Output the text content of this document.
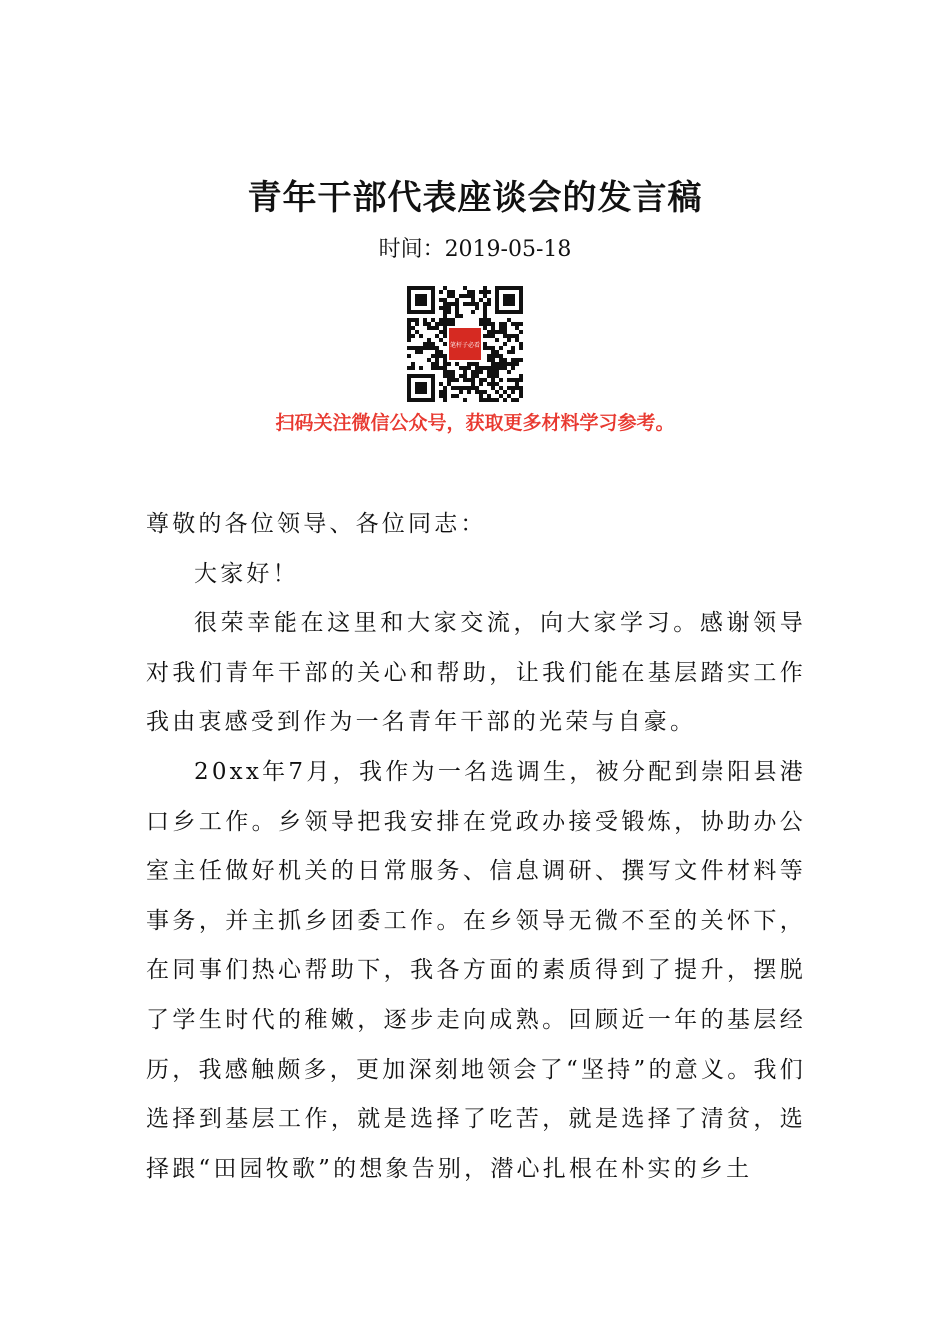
青年干部代表座谈会的发言稿
时间：2019-05-18
笔杆子必看
扫码关注微信公众号，获取更多材料学习参考。

尊敬的各位领导、各位同志：

大家好！

很荣幸能在这里和大家交流，向大家学习。感谢领导对我们青年干部的关心和帮助，让我们能在基层踏实工作我由衷感受到作为一名青年干部的光荣与自豪。

20xx年7月，我作为一名选调生，被分配到崇阳县港口乡工作。乡领导把我安排在党政办接受锻炼，协助办公室主任做好机关的日常服务、信息调研、撰写文件材料等事务，并主抓乡团委工作。在乡领导无微不至的关怀下，在同事们热心帮助下，我各方面的素质得到了提升，摆脱了学生时代的稚嫩，逐步走向成熟。回顾近一年的基层经历，我感触颇多，更加深刻地领会了“坚持”的意义。我们选择到基层工作，就是选择了吃苦，就是选择了清贫，选择跟“田园牧歌”的想象告别，潜心扎根在朴实的乡土
